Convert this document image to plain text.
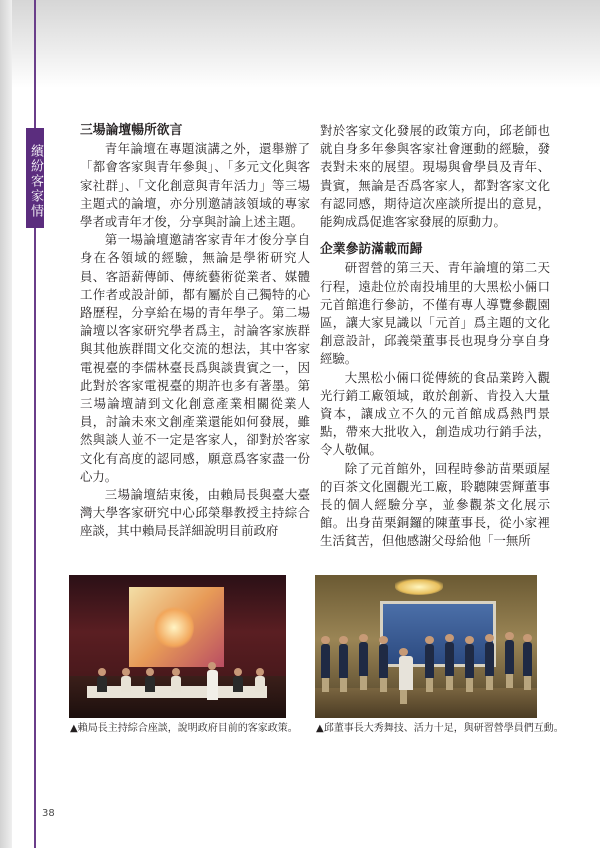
繽紛客家情

三場論壇暢所欲言

青年論壇在專題演講之外，還舉辦了「都會客家與青年參與」、「多元文化與客家社群」、「文化創意與青年活力」等三場主題式的論壇，亦分別邀請該領域的專家學者或青年才俊，分享與討論上述主題。

第一場論壇邀請客家青年才俊分享自身在各領域的經驗，無論是學術研究人員、客語薪傳師、傳統藝術從業者、媒體工作者或設計師，都有屬於自己獨特的心路歷程，分享給在場的青年學子。第二場論壇以客家研究學者爲主，討論客家族群與其他族群間文化交流的想法，其中客家電視臺的李儒林臺長爲與談貴賓之一，因此對於客家電視臺的期許也多有著墨。第三場論壇請到文化創意產業相關從業人員，討論未來文創產業還能如何發展，雖然與談人並不一定是客家人，卻對於客家文化有高度的認同感，願意爲客家盡一份心力。

三場論壇結束後，由賴局長與臺大臺灣大學客家研究中心邱榮舉教授主持綜合座談，其中賴局長詳細說明目前政府

對於客家文化發展的政策方向，邱老師也就自身多年參與客家社會運動的經驗，發表對未來的展望。現場與會學員及青年、貴賓，無論是否爲客家人，都對客家文化有認同感，期待這次座談所提出的意見，能夠成爲促進客家發展的原動力。

企業參訪滿載而歸

研習營的第三天、青年論壇的第二天行程，遠赴位於南投埔里的大黑松小倆口元首館進行參訪，不僅有專人導覽參觀園區，讓大家見識以「元首」爲主題的文化創意設計，邱義榮董事長也現身分享自身經驗。

大黑松小倆口從傳統的食品業跨入觀光行銷工廠領域，敢於創新、肯投入大量資本，讓成立不久的元首館成爲熱門景點，帶來大批收入，創造成功行銷手法，令人敬佩。

除了元首館外，回程時參訪苗栗頭屋的百茶文化園觀光工廠，聆聽陳雲輝董事長的個人經驗分享，並參觀茶文化展示館。出身苗栗銅鑼的陳董事長，從小家裡生活貧苦，但他感謝父母給他「一無所

▲賴局長主持綜合座談，說明政府目前的客家政策。 ▲邱董事長大秀舞技、活力十足，與研習營學員們互動。
38
